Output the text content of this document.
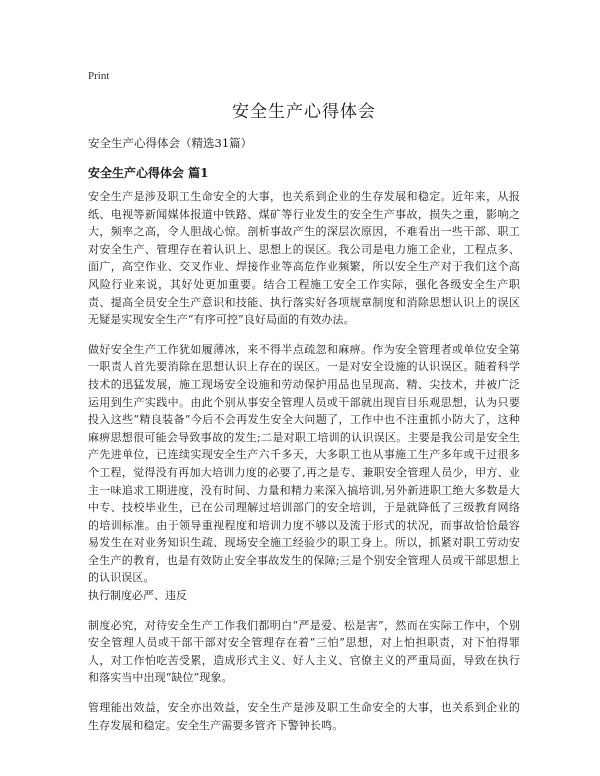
Print

安全生产心得体会

安全生产心得体会（精选31篇）

安全生产心得体会 篇1

安全生产是涉及职工生命安全的大事，也关系到企业的生存发展和稳定。近年来，从报纸、电视等新闻媒体报道中铁路、煤矿等行业发生的安全生产事故，损失之重，影响之大，频率之高，令人胆战心惊。剖析事故产生的深层次原因，不难看出一些干部、职工对安全生产、管理存在着认识上、思想上的误区。我公司是电力施工企业，工程点多、面广，高空作业、交叉作业、焊接作业等高危作业频繁，所以安全生产对于我们这个高风险行业来说，其好处更加重要。结合工程施工安全工作实际，强化各级安全生产职责、提高全员安全生产意识和技能、执行落实好各项规章制度和消除思想认识上的误区无疑是实现安全生产“有序可控”良好局面的有效办法。

做好安全生产工作犹如履薄冰，来不得半点疏忽和麻痹。作为安全管理者或单位安全第一职责人首先要消除在思想认识上存在的误区。一是对安全设施的认识误区。随着科学技术的迅猛发展，施工现场安全设施和劳动保护用品也呈现高、精、尖技术，并被广泛运用到生产实践中。由此个别从事安全管理人员或干部就出现盲目乐观思想，认为只要投入这些“精良装备”今后不会再发生安全大问题了，工作中也不注重抓小防大了，这种麻痹思想很可能会导致事故的发生;二是对职工培训的认识误区。主要是我公司是安全生产先进单位，已连续实现安全生产六千多天，大多职工也从事施工生产多年或干过很多个工程，觉得没有再加大培训力度的必要了,再之是专、兼职安全管理人员少，甲方、业主一味追求工期进度，没有时间、力量和精力来深入搞培训,另外新进职工绝大多数是大中专、技校毕业生，已在公司理解过培训部门的安全培训，于是就降低了三级教育网络的培训标准。由于领导重视程度和培训力度不够以及流于形式的状况，而事故恰恰最容易发生在对业务知识生疏、现场安全施工经验少的职工身上。所以，抓紧对职工劳动安全生产的教育，也是有效防止安全事故发生的保障;三是个别安全管理人员或干部思想上的认识误区。

执行制度必严、违反

制度必究，对待安全生产工作我们都明白“严是爱、松是害”，然而在实际工作中，个别安全管理人员或干部干部对安全管理存在着“三怕”思想，对上怕担职责，对下怕得罪人，对工作怕吃苦受累，造成形式主义、好人主义、官僚主义的严重局面，导致在执行和落实当中出现“缺位”现象。

管理能出效益，安全亦出效益，安全生产是涉及职工生命安全的大事，也关系到企业的生存发展和稳定。安全生产需要多管齐下警钟长鸣。
